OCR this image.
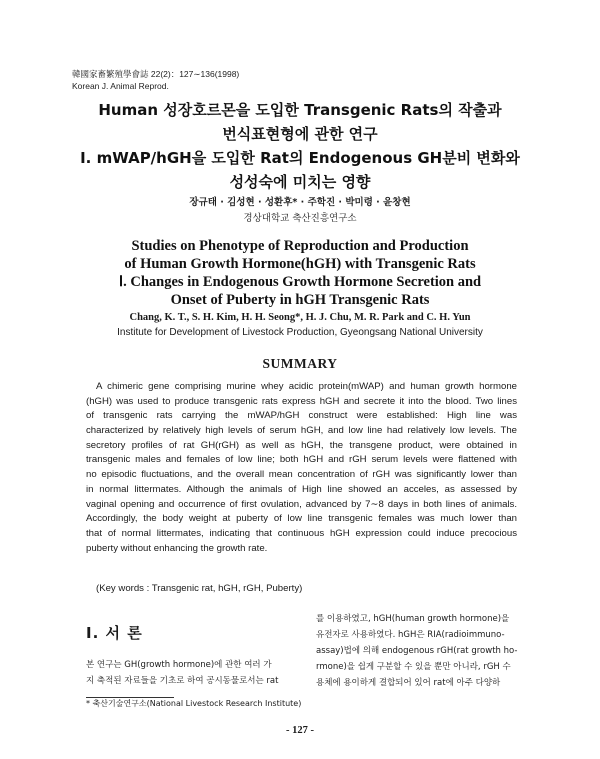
韓國家畜繁殖學會誌 22(2)：127∼136(1998)
Korean J. Animal Reprod.
Human 성장호르몬을 도입한 Transgenic Rats의 작출과
번식표현형에 관한 연구
Ⅰ. mWAP/hGH을 도입한 Rat의 Endogenous GH분비 변화와
성성숙에 미치는 영향
장규태 · 김성현 · 성환후* · 주학진 · 박미령 · 윤창현
경상대학교 축산진흥연구소
Studies on Phenotype of Reproduction and Production
of Human Growth Hormone(hGH) with Transgenic Rats
Ⅰ. Changes in Endogenous Growth Hormone Secretion and
Onset of Puberty in hGH Transgenic Rats
Chang, K. T., S. H. Kim, H. H. Seong*, H. J. Chu, M. R. Park and C. H. Yun
Institute for Development of Livestock Production, Gyeongsang National University
SUMMARY
A chimeric gene comprising murine whey acidic protein(mWAP) and human growth hormone
(hGH) was used to produce transgenic rats express hGH and secrete it into the blood. Two lines
of transgenic rats carrying the mWAP/hGH construct were established: High line was
characterized by relatively high levels of serum hGH, and low line had relatively low levels. The
secretory profiles of rat GH(rGH) as well as hGH, the transgene product, were obtained in
transgenic males and females of low line; both hGH and rGH serum levels were flattened with
no episodic fluctuations, and the overall mean concentration of rGH was significantly lower than
in normal littermates. Although the animals of High line showed an acceles, as assessed by
vaginal opening and occurrence of first ovulation, advanced by 7∼8 days in both lines of animals.
Accordingly, the body weight at puberty of low line transgenic females was much lower than
that of normal littermates, indicating that continuous hGH expression could induce precocious
puberty without enhancing the growth rate.
(Key words : Transgenic rat, hGH, rGH, Puberty)
Ⅰ. 서 론
본 연구는 GH(growth hormone)에 관한 여러 가
지 축적된 자료들을 기초로 하여 공시동물로서는 rat
를 이용하였고, hGH(human growth hormone)을
유전자로 사용하였다. hGH은 RIA(radioimmuno-
assay)법에 의해 endogenous rGH(rat growth ho-
rmone)을 쉽게 구분할 수 있을 뿐만 아니라, rGH 수
용체에 용이하게 결합되어 있어 rat에 아주 다양하
* 축산기술연구소(National Livestock Research Institute)
- 127 -
